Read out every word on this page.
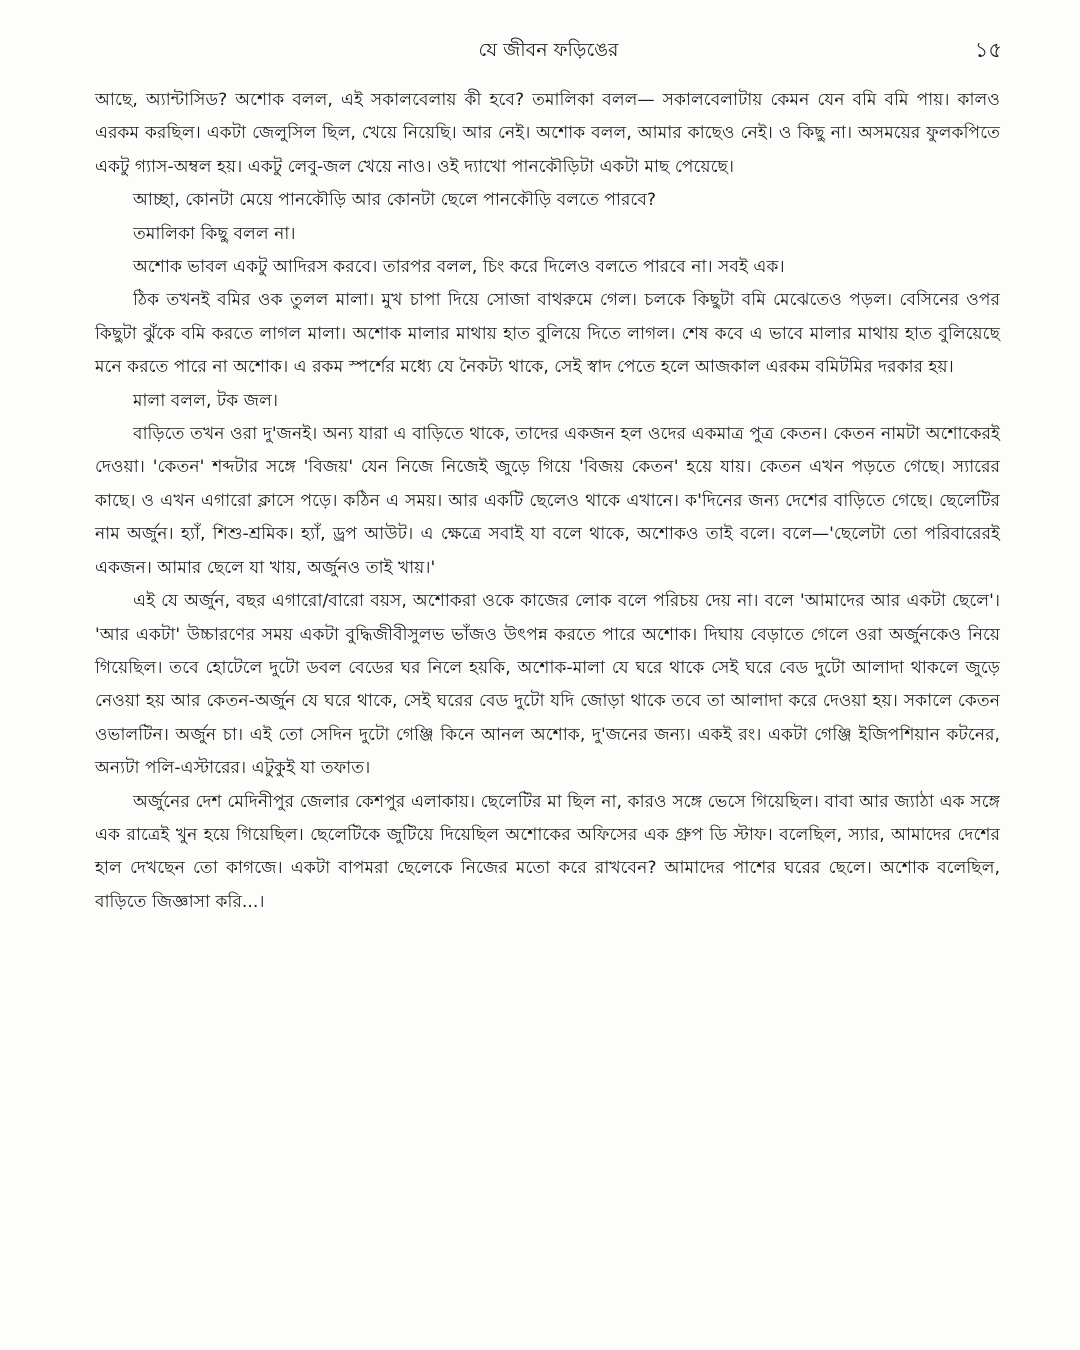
যে জীবন ফড়িঙের	১৫

আছে, অ্যান্টাসিড? অশোক বলল, এই সকালবেলায় কী হবে? তমালিকা বলল— সকালবেলাটায় কেমন যেন বমি বমি পায়। কালও এরকম করছিল। একটা জেলুসিল ছিল, খেয়ে নিয়েছি। আর নেই। অশোক বলল, আমার কাছেও নেই। ও কিছু না। অসময়ের ফুলকপিতে একটু গ্যাস-অম্বল হয়। একটু লেবু-জল খেয়ে নাও। ওই দ্যাখো পানকৌড়িটা একটা মাছ পেয়েছে।

আচ্ছা, কোনটা মেয়ে পানকৌড়ি আর কোনটা ছেলে পানকৌড়ি বলতে পারবে?

তমালিকা কিছু বলল না।

অশোক ভাবল একটু আদিরস করবে। তারপর বলল, চিং করে দিলেও বলতে পারবে না। সবই এক।

ঠিক তখনই বমির ওক তুলল মালা। মুখ চাপা দিয়ে সোজা বাথরুমে গেল। চলকে কিছুটা বমি মেঝেতেও পড়ল। বেসিনের ওপর কিছুটা ঝুঁকে বমি করতে লাগল মালা। অশোক মালার মাথায় হাত বুলিয়ে দিতে লাগল। শেষ কবে এ ভাবে মালার মাথায় হাত বুলিয়েছে মনে করতে পারে না অশোক। এ রকম স্পর্শের মধ্যে যে নৈকট্য থাকে, সেই স্বাদ পেতে হলে আজকাল এরকম বমিটমির দরকার হয়।

মালা বলল, টক জল।

বাড়িতে তখন ওরা দু'জনই। অন্য যারা এ বাড়িতে থাকে, তাদের একজন হল ওদের একমাত্র পুত্র কেতন। কেতন নামটা অশোকেরই দেওয়া। 'কেতন' শব্দটার সঙ্গে 'বিজয়' যেন নিজে নিজেই জুড়ে গিয়ে 'বিজয় কেতন' হয়ে যায়। কেতন এখন পড়তে গেছে। স্যারের কাছে। ও এখন এগারো ক্লাসে পড়ে। কঠিন এ সময়। আর একটি ছেলেও থাকে এখানে। ক'দিনের জন্য দেশের বাড়িতে গেছে। ছেলেটির নাম অর্জুন। হ্যাঁ, শিশু-শ্রমিক। হ্যাঁ, ড্রপ আউট। এ ক্ষেত্রে সবাই যা বলে থাকে, অশোকও তাই বলে। বলে—'ছেলেটা তো পরিবারেরই একজন। আমার ছেলে যা খায়, অর্জুনও তাই খায়।'

এই যে অর্জুন, বছর এগারো/বারো বয়স, অশোকরা ওকে কাজের লোক বলে পরিচয় দেয় না। বলে 'আমাদের আর একটা ছেলে'। 'আর একটা' উচ্চারণের সময় একটা বুদ্ধিজীবীসুলভ ভাঁজও উৎপন্ন করতে পারে অশোক। দিঘায় বেড়াতে গেলে ওরা অর্জুনকেও নিয়ে গিয়েছিল। তবে হোটেলে দুটো ডবল বেডের ঘর নিলে হয়কি, অশোক-মালা যে ঘরে থাকে সেই ঘরে বেড দুটো আলাদা থাকলে জুড়ে নেওয়া হয় আর কেতন-অর্জুন যে ঘরে থাকে, সেই ঘরের বেড দুটো যদি জোড়া থাকে তবে তা আলাদা করে দেওয়া হয়। সকালে কেতন ওভালটিন। অর্জুন চা। এই তো সেদিন দুটো গেঞ্জি কিনে আনল অশোক, দু'জনের জন্য। একই রং। একটা গেঞ্জি ইজিপশিয়ান কটনের, অন্যটা পলি-এস্টারের। এটুকুই যা তফাত।

অর্জুনের দেশ মেদিনীপুর জেলার কেশপুর এলাকায়। ছেলেটির মা ছিল না, কারও সঙ্গে ভেসে গিয়েছিল। বাবা আর জ্যাঠা এক সঙ্গে এক রাত্রেই খুন হয়ে গিয়েছিল। ছেলেটিকে জুটিয়ে দিয়েছিল অশোকের অফিসের এক গ্রুপ ডি স্টাফ। বলেছিল, স্যার, আমাদের দেশের হাল দেখছেন তো কাগজে। একটা বাপমরা ছেলেকে নিজের মতো করে রাখবেন? আমাদের পাশের ঘরের ছেলে। অশোক বলেছিল, বাড়িতে জিজ্ঞাসা করি...।
